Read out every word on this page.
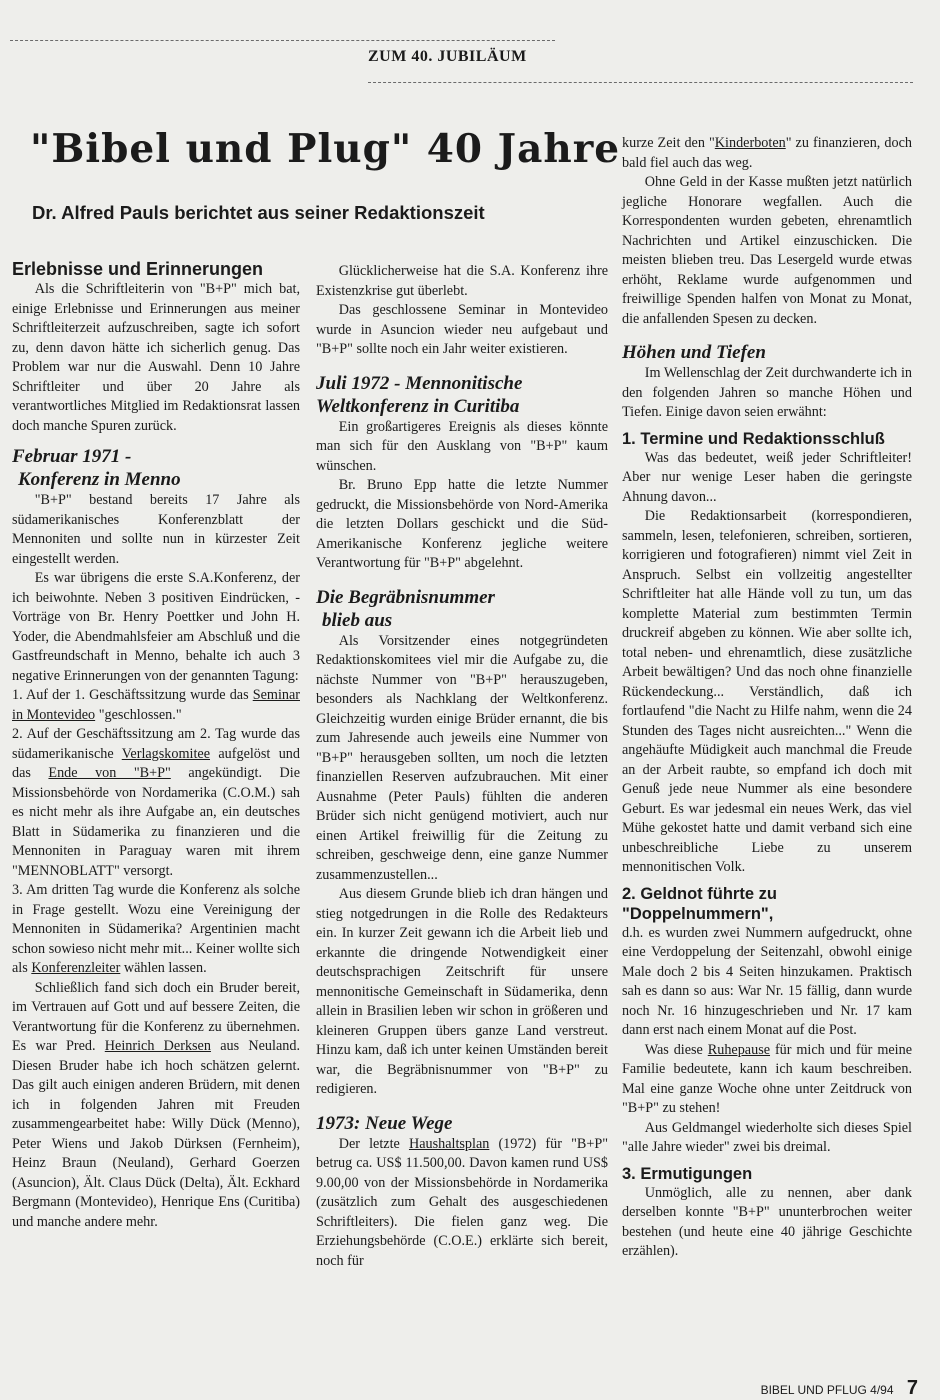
ZUM 40. JUBILÄUM
"Bibel und Plug" 40 Jahre
Dr. Alfred Pauls berichtet aus seiner Redaktionszeit
Erlebnisse und Erinnerungen

Als die Schriftleiterin von "B+P" mich bat, einige Erlebnisse und Erinnerungen aus meiner Schriftleiterzeit aufzuschreiben, sagte ich sofort zu, denn davon hätte ich sicherlich genug. Das Problem war nur die Auswahl. Denn 10 Jahre Schriftleiter und über 20 Jahre als verantwortliches Mitglied im Redaktionsrat lassen doch manche Spuren zurück.

Februar 1971 -
Konferenz in Menno

"B+P" bestand bereits 17 Jahre als südamerikanisches Konferenzblatt der Mennoniten und sollte nun in kürzester Zeit eingestellt werden.

Es war übrigens die erste S.A.Konferenz, der ich beiwohnte. Neben 3 positiven Eindrücken, - Vorträge von Br. Henry Poettker und John H. Yoder, die Abendmahlsfeier am Abschluß und die Gastfreundschaft in Menno, behalte ich auch 3 negative Erinnerungen von der genannten Tagung:

1. Auf der 1. Geschäftssitzung wurde das Seminar in Montevideo "geschlossen."

2. Auf der Geschäftssitzung am 2. Tag wurde das südamerikanische Verlagskomitee aufgelöst und das Ende von "B+P" angekündigt. Die Missionsbehörde von Nordamerika (C.O.M.) sah es nicht mehr als ihre Aufgabe an, ein deutsches Blatt in Südamerika zu finanzieren und die Mennoniten in Paraguay waren mit ihrem "MENNOBLATT" versorgt.

3. Am dritten Tag wurde die Konferenz als solche in Frage gestellt. Wozu eine Vereinigung der Mennoniten in Südamerika? Argentinien macht schon sowieso nicht mehr mit... Keiner wollte sich als Konferenzleiter wählen lassen.

Schließlich fand sich doch ein Bruder bereit, im Vertrauen auf Gott und auf bessere Zeiten, die Verantwortung für die Konferenz zu übernehmen. Es war Pred. Heinrich Derksen aus Neuland. Diesen Bruder habe ich hoch schätzen gelernt. Das gilt auch einigen anderen Brüdern, mit denen ich in folgenden Jahren mit Freuden zusammengearbeitet habe: Willy Dück (Menno), Peter Wiens und Jakob Dürksen (Fernheim), Heinz Braun (Neuland), Gerhard Goerzen (Asuncion), Ält. Claus Dück (Delta), Ält. Eckhard Bergmann (Montevideo), Henrique Ens (Curitiba) und manche andere mehr.

Glücklicherweise hat die S.A. Konferenz ihre Existenzkrise gut überlebt.

Das geschlossene Seminar in Montevideo wurde in Asuncion wieder neu aufgebaut und "B+P" sollte noch ein Jahr weiter existieren.

Juli 1972 - Mennonitische
Weltkonferenz in Curitiba

Ein großartigeres Ereignis als dieses könnte man sich für den Ausklang von "B+P" kaum wünschen.

Br. Bruno Epp hatte die letzte Nummer gedruckt, die Missionsbehörde von Nord-Amerika die letzten Dollars geschickt und die Süd-Amerikanische Konferenz jegliche weitere Verantwortung für "B+P" abgelehnt.

Die Begräbnisnummer
blieb aus

Als Vorsitzender eines notgegründeten Redaktionskomitees viel mir die Aufgabe zu, die nächste Nummer von "B+P" herauszugeben, besonders als Nachklang der Weltkonferenz. Gleichzeitig wurden einige Brüder ernannt, die bis zum Jahresende auch jeweils eine Nummer von "B+P" herausgeben sollten, um noch die letzten finanziellen Reserven aufzubrauchen. Mit einer Ausnahme (Peter Pauls) fühlten die anderen Brüder sich nicht genügend motiviert, auch nur einen Artikel freiwillig für die Zeitung zu schreiben, geschweige denn, eine ganze Nummer zusammenzustellen...

Aus diesem Grunde blieb ich dran hängen und stieg notgedrungen in die Rolle des Redakteurs ein. In kurzer Zeit gewann ich die Arbeit lieb und erkannte die dringende Notwendigkeit einer deutschsprachigen Zeitschrift für unsere mennonitische Gemeinschaft in Südamerika, denn allein in Brasilien leben wir schon in größeren und kleineren Gruppen übers ganze Land verstreut. Hinzu kam, daß ich unter keinen Umständen bereit war, die Begräbnisnummer von "B+P" zu redigieren.

1973: Neue Wege

Der letzte Haushaltsplan (1972) für "B+P" betrug ca. US$ 11.500,00. Davon kamen rund US$ 9.00,00 von der Missionsbehörde in Nordamerika (zusätzlich zum Gehalt des ausgeschiedenen Schriftleiters). Die fielen ganz weg. Die Erziehungsbehörde (C.O.E.) erklärte sich bereit, noch für

kurze Zeit den "Kinderboten" zu finanzieren, doch bald fiel auch das weg.

Ohne Geld in der Kasse mußten jetzt natürlich jegliche Honorare wegfallen. Auch die Korrespondenten wurden gebeten, ehrenamtlich Nachrichten und Artikel einzuschicken. Die meisten blieben treu. Das Lesergeld wurde etwas erhöht, Reklame wurde aufgenommen und freiwillige Spenden halfen von Monat zu Monat, die anfallenden Spesen zu decken.

Höhen und Tiefen

Im Wellenschlag der Zeit durchwanderte ich in den folgenden Jahren so manche Höhen und Tiefen. Einige davon seien erwähnt:

1. Termine und Redaktionsschluß

Was das bedeutet, weiß jeder Schriftleiter! Aber nur wenige Leser haben die geringste Ahnung davon...

Die Redaktionsarbeit (korrespondieren, sammeln, lesen, telefonieren, schreiben, sortieren, korrigieren und fotografieren) nimmt viel Zeit in Anspruch. Selbst ein vollzeitig angestellter Schriftleiter hat alle Hände voll zu tun, um das komplette Material zum bestimmten Termin druckreif abgeben zu können. Wie aber sollte ich, total neben- und ehrenamtlich, diese zusätzliche Arbeit bewältigen? Und das noch ohne finanzielle Rückendeckung... Verständlich, daß ich fortlaufend "die Nacht zu Hilfe nahm, wenn die 24 Stunden des Tages nicht ausreichten..." Wenn die angehäufte Müdigkeit auch manchmal die Freude an der Arbeit raubte, so empfand ich doch mit Genuß jede neue Nummer als eine besondere Geburt. Es war jedesmal ein neues Werk, das viel Mühe gekostet hatte und damit verband sich eine unbeschreibliche Liebe zu unserem mennonitischen Volk.

2. Geldnot führte zu
"Doppelnummern",

d.h. es wurden zwei Nummern aufgedruckt, ohne eine Verdoppelung der Seitenzahl, obwohl einige Male doch 2 bis 4 Seiten hinzukamen. Praktisch sah es dann so aus: War Nr. 15 fällig, dann wurde noch Nr. 16 hinzugeschrieben und Nr. 17 kam dann erst nach einem Monat auf die Post.

Was diese Ruhepause für mich und für meine Familie bedeutete, kann ich kaum beschreiben. Mal eine ganze Woche ohne unter Zeitdruck von "B+P" zu stehen!

Aus Geldmangel wiederholte sich dieses Spiel "alle Jahre wieder" zwei bis dreimal.

3. Ermutigungen

Unmöglich, alle zu nennen, aber dank derselben konnte "B+P" ununterbrochen weiter bestehen (und heute eine 40 jährige Geschichte erzählen).

BIBEL UND PFLUG 4/94 7
